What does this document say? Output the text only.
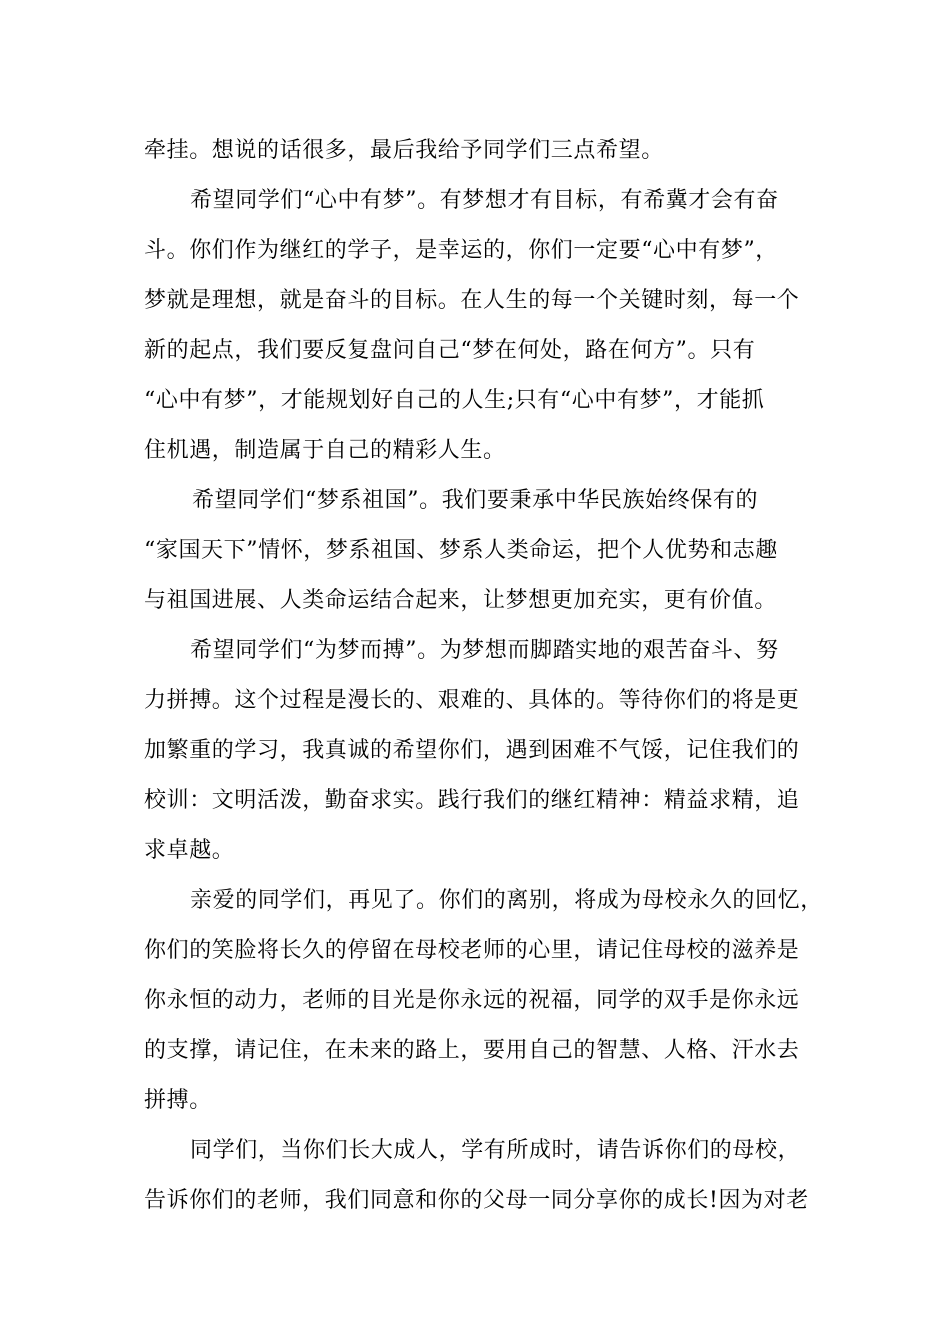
牵挂。想说的话很多，最后我给予同学们三点希望。
希望同学们“心中有梦”。有梦想才有目标，有希冀才会有奋
斗。你们作为继红的学子，是幸运的，你们一定要“心中有梦”，
梦就是理想，就是奋斗的目标。在人生的每一个关键时刻，每一个
新的起点，我们要反复盘问自己“梦在何处，路在何方”。只有
“心中有梦”，才能规划好自己的人生;只有“心中有梦”，才能抓
住机遇，制造属于自己的精彩人生。
希望同学们“梦系祖国”。我们要秉承中华民族始终保有的
“家国天下”情怀，梦系祖国、梦系人类命运，把个人优势和志趣
与祖国进展、人类命运结合起来，让梦想更加充实，更有价值。
希望同学们“为梦而搏”。为梦想而脚踏实地的艰苦奋斗、努
力拼搏。这个过程是漫长的、艰难的、具体的。等待你们的将是更
加繁重的学习，我真诚的希望你们，遇到困难不气馁，记住我们的
校训：文明活泼，勤奋求实。践行我们的继红精神：精益求精，追
求卓越。
亲爱的同学们，再见了。你们的离别，将成为母校永久的回忆，
你们的笑脸将长久的停留在母校老师的心里，请记住母校的滋养是
你永恒的动力，老师的目光是你永远的祝福，同学的双手是你永远
的支撑，请记住，在未来的路上，要用自己的智慧、人格、汗水去
拼搏。
同学们，当你们长大成人，学有所成时，请告诉你们的母校，
告诉你们的老师，我们同意和你的父母一同分享你的成长!因为对老
